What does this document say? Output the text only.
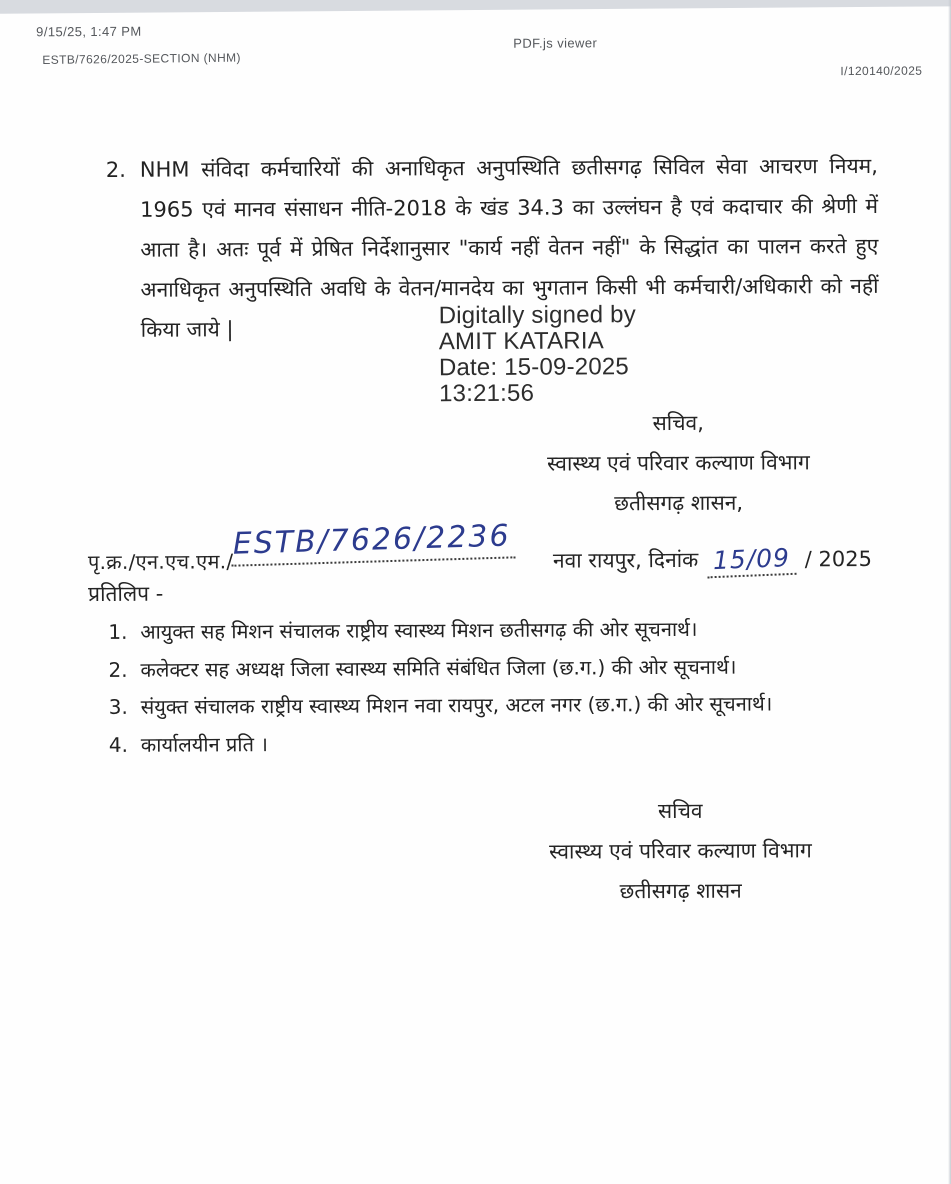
9/15/25, 1:47 PM
ESTB/7626/2025-SECTION (NHM)
PDF.js viewer
I/120140/2025
2. NHM संविदा कर्मचारियों की अनाधिकृत अनुपस्थिति छतीसगढ़ सिविल सेवा आचरण नियम, 1965 एवं मानव संसाधन नीति-2018 के खंड 34.3 का उल्लंघन है एवं कदाचार की श्रेणी में आता है। अतः पूर्व में प्रेषित निर्देशानुसार "कार्य नहीं वेतन नहीं" के सिद्धांत का पालन करते हुए अनाधिकृत अनुपस्थिति अवधि के वेतन/मानदेय का भुगतान किसी भी कर्मचारी/अधिकारी को नहीं किया जाये |
Digitally signed by
AMIT KATARIA
Date: 15-09-2025
13:21:56
सचिव,
स्वास्थ्य एवं परिवार कल्याण विभाग
छतीसगढ़ शासन,
पृ.क्र./एन.एच.एम./
ESTB/7626/2236 नवा रायपुर, दिनांक 15/09 / 2025
प्रतिलिप -
1. आयुक्त सह मिशन संचालक राष्ट्रीय स्वास्थ्य मिशन छतीसगढ़ की ओर सूचनार्थ।
2. कलेक्टर सह अध्यक्ष जिला स्वास्थ्य समिति संबंधित जिला (छ.ग.) की ओर सूचनार्थ।
3. संयुक्त संचालक राष्ट्रीय स्वास्थ्य मिशन नवा रायपुर, अटल नगर (छ.ग.) की ओर सूचनार्थ।
4. कार्यालयीन प्रति ।
सचिव
स्वास्थ्य एवं परिवार कल्याण विभाग
छतीसगढ़ शासन
